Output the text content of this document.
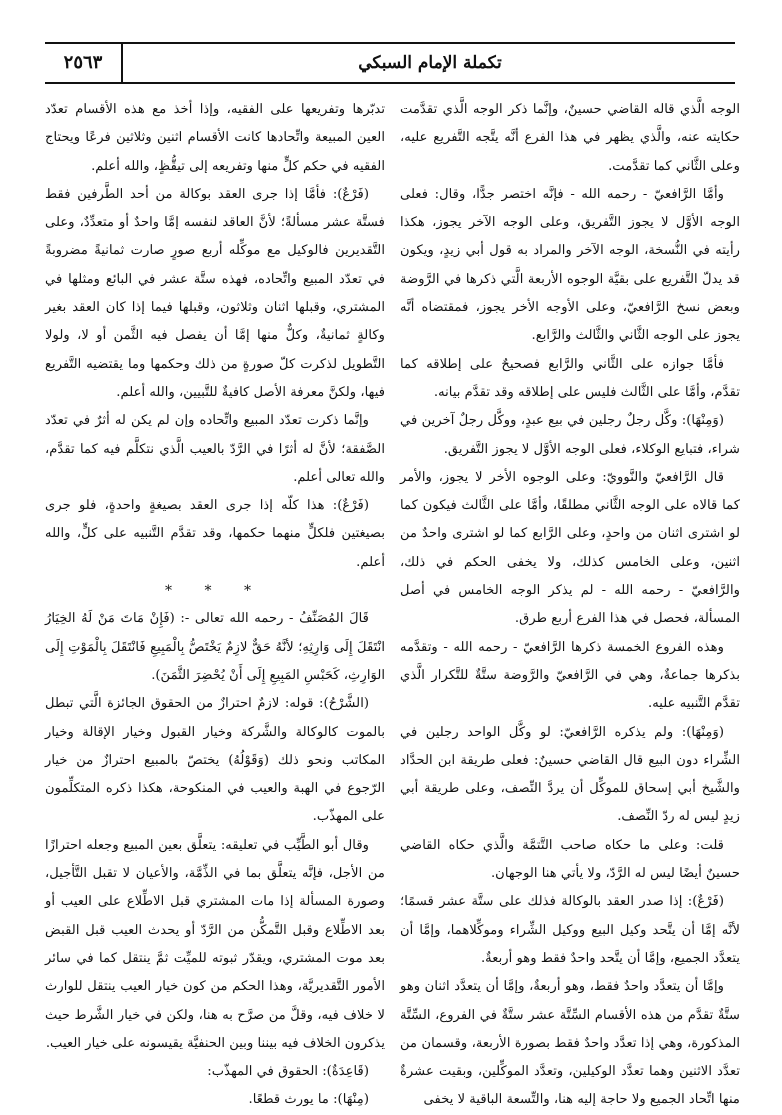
تكملة الإمام السبكي
٢٥٦٣

الوجه الَّذي قاله القاضي حسينٌ، وإنَّما ذكر الوجه الَّذي تقدَّمت حكايته عنه، والَّذي يظهر في هذا الفرع أنَّه يتَّجه التَّفريع عليه، وعلى الثَّاني كما تقدَّمت.

وأمَّا الرَّافعيّ - رحمه الله - فإنَّه اختصر جدًّا، وقال: فعلى الوجه الأوَّل لا يجوز التَّفريق، وعلى الوجه الآخر يجوز، هكذا رأيته في النُّسخة، الوجه الآخر والمراد به قول أبي زيدٍ، ويكون قد يدلّ التَّفريع على بقيَّة الوجوه الأربعة الَّتي ذكرها في الرَّوضة وبعض نسخ الرَّافعيّ، وعلى الأوجه الأخر يجوز، فمقتضاه أنَّه يجوز على الوجه الثَّاني والثَّالث والرَّابع.

فأمَّا جوازه على الثَّاني والرَّابع فصحيحٌ على إطلاقه كما تقدَّم، وأمَّا على الثَّالث فليس على إطلاقه وقد تقدَّم بيانه.

(وَمِنْهَا): وكَّل رجلٌ رجلين في بيع عبدٍ، ووكَّل رجلٌ آخرين في شراء، فتبايع الوكلاء، فعلى الوجه الأوَّل لا يجوز التَّفريق.

قال الرَّافعيّ والنَّوويّ: وعلى الوجوه الأخر لا يجوز، والأمر كما قالاه على الوجه الثَّاني مطلقًا، وأمَّا على الثَّالث فيكون كما لو اشترى اثنان من واحدٍ، وعلى الرَّابع كما لو اشترى واحدٌ من اثنين، وعلى الخامس كذلك، ولا يخفى الحكم في ذلك، والرَّافعيّ - رحمه الله - لم يذكر الوجه الخامس في أصل المسألة، فحصل في هذا الفرع أربع طرق.

وهذه الفروع الخمسة ذكرها الرَّافعيّ - رحمه الله - وتقدَّمه بذكرها جماعةٌ، وهي في الرَّافعيّ والرَّوضة ستَّةٌ للتَّكرار الَّذي تقدَّم التَّنبيه عليه.

(وَمِنْهَا): ولم يذكره الرَّافعيّ: لو وكَّل الواحد رجلين في الشِّراء دون البيع قال القاضي حسينٌ: فعلى طريقة ابن الحدَّاد والشَّيخ أبي إسحاق للموكِّل أن يردَّ النِّصف، وعلى طريقة أبي زيدٍ ليس له ردّ النِّصف.

قلت: وعلى ما حكاه صاحب التَّتمَّة والَّذي حكاه القاضي حسينٌ أيضًا ليس له الرَّدّ، ولا يأتي هنا الوجهان.

(فَرْعٌ): إذا صدر العقد بالوكالة فذلك على ستَّة عشر قسمًا؛ لأنَّه إمَّا أن يتَّحد وكيل البيع ووكيل الشِّراء وموكِّلاهما، وإمَّا أن يتعدَّد الجميع، وإمَّا أن يتَّحد واحدٌ فقط وهو أربعةٌ.

وإمَّا أن يتعدَّد واحدٌ فقط، وهو أربعةٌ، وإمَّا أن يتعدَّد اثنان وهو ستَّةٌ تقدَّم من هذه الأقسام السِّتَّة عشر ستَّةٌ في الفروع، السِّتَّة المذكورة، وهي إذا تعدَّد واحدٌ فقط بصورة الأربعة، وقسمان من تعدَّد الاثنين وهما تعدَّد الوكيلين، وتعدَّد الموكِّلين، وبقيت عشرةٌ منها اتِّحاد الجميع ولا حاجة إليه هنا، والتِّسعة الباقية لا يخفى

تدبّرها وتفريعها على الفقيه، وإذا أخذ مع هذه الأقسام تعدّد العين المبيعة واتِّحادها كانت الأقسام اثنين وثلاثين فرعًا ويحتاج الفقيه في حكم كلٍّ منها وتفريعه إلى تيقُّظٍ، والله أعلم.

(فَرْعٌ): فأمَّا إذا جرى العقد بوكالة من أحد الطَّرفين فقط فستَّة عشر مسألةً؛ لأنَّ العاقد لنفسه إمَّا واحدٌ أو متعدِّدٌ، وعلى التَّقديرين فالوكيل مع موكِّله أربع صورٍ صارت ثمانيةً مضروبةً في تعدّد المبيع واتِّحاده، فهذه ستَّة عشر في البائع ومثلها في المشتري، وقبلها اثنان وثلاثون، وقبلها فيما إذا كان العقد بغير وكالةٍ ثمانيةٌ، وكلٌّ منها إمَّا أن يفصل فيه الثَّمن أو لا، ولولا التَّطويل لذكرت كلّ صورةٍ من ذلك وحكمها وما يقتضيه التَّفريع فيها، ولكنَّ معرفة الأصل كافيةٌ للتَّبيين، والله أعلم.

وإنَّما ذكرت تعدّد المبيع واتِّحاده وإن لم يكن له أثرٌ في تعدّد الصَّفقة؛ لأنَّ له أثرًا في الرَّدّ بالعيب الَّذي نتكلَّم فيه كما تقدَّم، والله تعالى أعلم.

(فَرْعٌ): هذا كلّه إذا جرى العقد بصيغةٍ واحدةٍ، فلو جرى بصيغتين فلكلٍّ منهما حكمها، وقد تقدَّم التَّنبيه على كلٍّ، والله أعلم.

* * *

قَالَ المُصَنِّفُ - رحمه الله تعالى -: (فَإِنْ مَاتَ مَنْ لَهُ الخِيَارُ انْتَقَلَ إِلَى وَارِثِهِ؛ لأنَّهُ حَقٌّ لازِمٌ يَخْتَصُّ بِالْمَبِيعِ فَانْتَقَلَ بِالْمَوْتِ إِلَى الوَارِثِ، كَحَبْسِ المَبِيعِ إِلَى أَنْ يُحْضِرَ الثَّمَنَ).

(الشَّرْحُ): قوله: لازمٌ احترازٌ من الحقوق الجائزة الَّتي تبطل بالموت كالوكالة والشَّركة وخيار القبول وخيار الإقالة وخيار المكاتب ونحو ذلك (وَقَوْلُهُ) يختصّ بالمبيع احترازٌ من خيار الرّجوع في الهبة والعيب في المنكوحة، هكذا ذكره المتكلِّمون على المهذّب.

وقال أبو الطَّيِّب في تعليقه: يتعلَّق بعين المبيع وجعله احترازًا من الأجل، فإنَّه يتعلَّق بما في الذِّمَّة، والأعيان لا تقبل التَّأجيل، وصورة المسألة إذا مات المشتري قبل الاطِّلاع على العيب أو بعد الاطِّلاع وقبل التَّمكُّن من الرَّدّ أو يحدث العيب قبل القبض بعد موت المشتري، ويقدّر ثبوته للميِّت ثمَّ ينتقل كما في سائر الأمور التَّقديريَّة، وهذا الحكم من كون خيار العيب ينتقل للوارث لا خلاف فيه، وقلَّ من صرَّح به هنا، ولكن في خيار الشَّرط حيث يذكرون الخلاف فيه بيننا وبين الحنفيَّة يقيسونه على خيار العيب.

(قَاعِدَةٌ): الحقوق في المهذّب:

(مِنْهَا): ما يورث قطعًا.
